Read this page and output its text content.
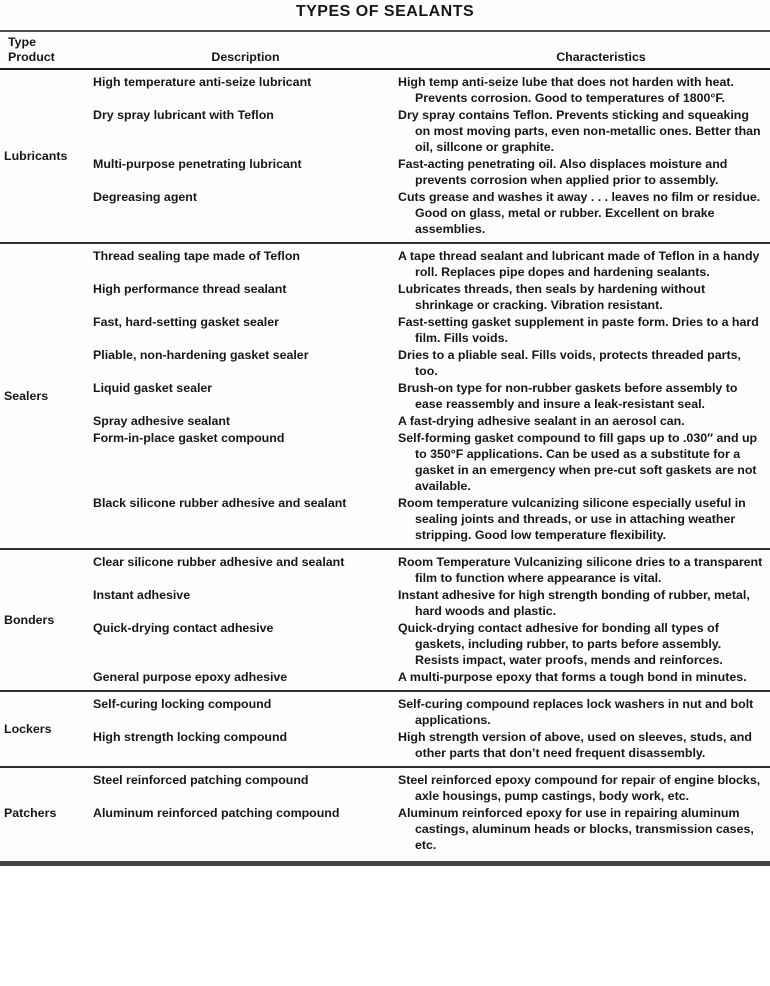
TYPES OF SEALANTS
Type
Product	Description	Characteristics
Lubricants
High temperature anti-seize lubricant	High temp anti-seize lube that does not harden with heat. Prevents corrosion. Good to temperatures of 1800°F.
Dry spray lubricant with Teflon	Dry spray contains Teflon. Prevents sticking and squeaking on most moving parts, even non-metallic ones. Better than oil, sillcone or graphite.
Multi-purpose penetrating lubricant	Fast-acting penetrating oil. Also displaces moisture and prevents corrosion when applied prior to assembly.
Degreasing agent	Cuts grease and washes it away . . . leaves no film or residue. Good on glass, metal or rubber. Excellent on brake assemblies.
Sealers
Thread sealing tape made of Teflon	A tape thread sealant and lubricant made of Teflon in a handy roll. Replaces pipe dopes and hardening sealants.
High performance thread sealant	Lubricates threads, then seals by hardening without shrinkage or cracking. Vibration resistant.
Fast, hard-setting gasket sealer	Fast-setting gasket supplement in paste form. Dries to a hard film. Fills voids.
Pliable, non-hardening gasket sealer	Dries to a pliable seal. Fills voids, protects threaded parts, too.
Liquid gasket sealer	Brush-on type for non-rubber gaskets before assembly to ease reassembly and insure a leak-resistant seal.
Spray adhesive sealant	A fast-drying adhesive sealant in an aerosol can.
Form-in-place gasket compound	Self-forming gasket compound to fill gaps up to .030″ and up to 350°F applications. Can be used as a substitute for a gasket in an emergency when pre-cut soft gaskets are not available.
Black silicone rubber adhesive and sealant	Room temperature vulcanizing silicone especially useful in sealing joints and threads, or use in attaching weather stripping. Good low temperature flexibility.
Bonders
Clear silicone rubber adhesive and sealant	Room Temperature Vulcanizing silicone dries to a transparent film to function where appearance is vital.
Instant adhesive	Instant adhesive for high strength bonding of rubber, metal, hard woods and plastic.
Quick-drying contact adhesive	Quick-drying contact adhesive for bonding all types of gaskets, including rubber, to parts before assembly. Resists impact, water proofs, mends and reinforces.
General purpose epoxy adhesive	A multi-purpose epoxy that forms a tough bond in minutes.
Lockers
Self-curing locking compound	Self-curing compound replaces lock washers in nut and bolt applications.
High strength locking compound	High strength version of above, used on sleeves, studs, and other parts that don’t need frequent disassembly.
Patchers
Steel reinforced patching compound	Steel reinforced epoxy compound for repair of engine blocks, axle housings, pump castings, body work, etc.
Aluminum reinforced patching compound	Aluminum reinforced epoxy for use in repairing aluminum castings, aluminum heads or blocks, transmission cases, etc.
